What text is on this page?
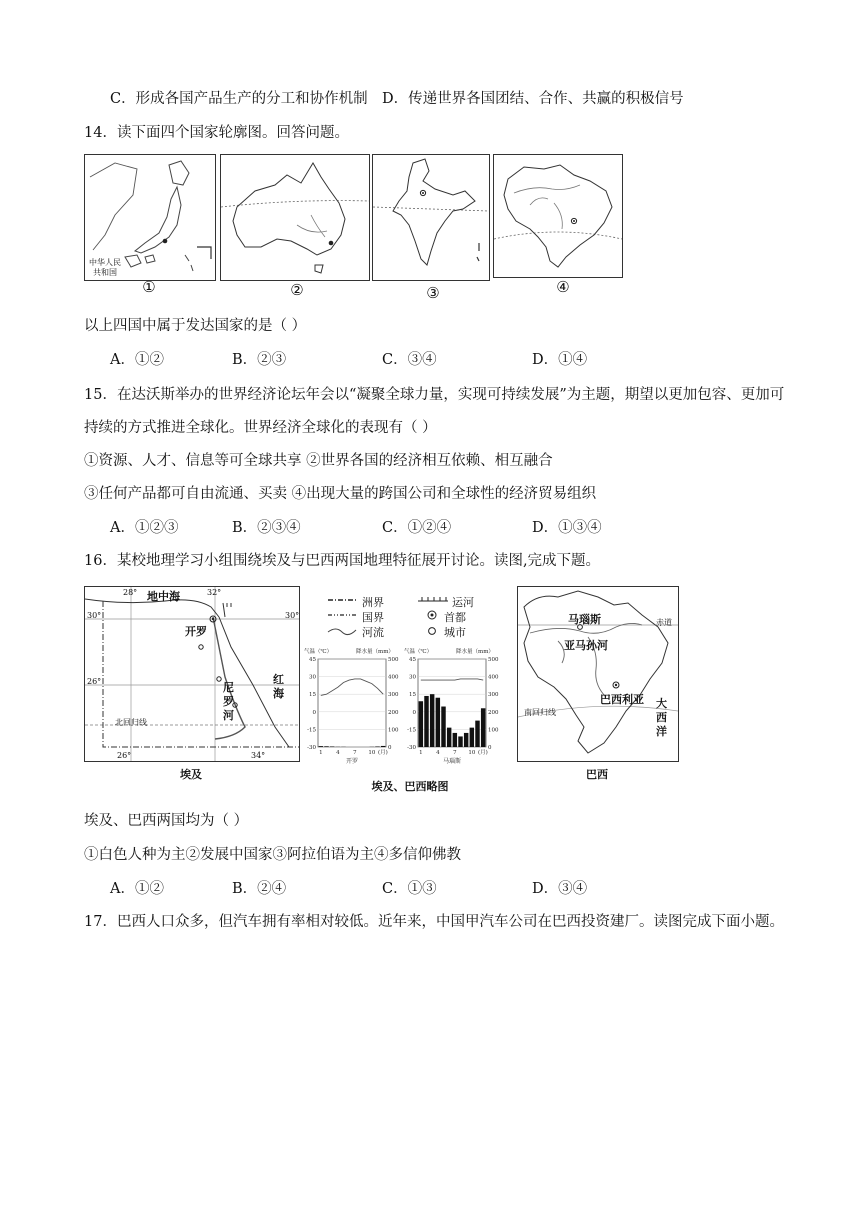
C．形成各国产品生产的分工和协作机制 D．传递世界各国团结、合作、共赢的积极信号
14．读下面四个国家轮廓图。回答问题。
中华人民
共和国
①	②	③	④
以上四国中属于发达国家的是（ ）
A．①②	B．②③	C．③④	D．①④
15．在达沃斯举办的世界经济论坛年会以“凝聚全球力量，实现可持续发展”为主题，期望以更加包容、更加可
持续的方式推进全球化。世界经济全球化的表现有（ ）
①资源、人才、信息等可全球共享 ②世界各国的经济相互依赖、相互融合
③任何产品都可自由流通、买卖 ④出现大量的跨国公司和全球性的经济贸易组织
A．①②③	B．②③④	C．①②④	D．①③④
16．某校地理学习小组围绕埃及与巴西两国地理特征展开讨论。读图,完成下题。
地中海
开罗
红
海
尼
罗
河
北回归线
30°
26°
30°
28°	32°
26°	34°
埃及
洲界
国界
河流
运河
首都
城市
气温（℃）	降水量（mm）
45
30
15
0
-15
-30
500
400
300
200
100
0
1 4 7 10 (月)
开罗
气温（℃）	降水量（mm）
45
30
15
0
-15
-30
500
400
300
200
100
0
1 4 7 10 (月)
马瑙斯
埃及、巴西略图
马瑙斯
亚马孙河
巴西利亚 大
西
洋
赤道
南回归线
巴西
埃及、巴西两国均为（ ）
①白色人种为主②发展中国家③阿拉伯语为主④多信仰佛教
A．①②	B．②④	C．①③	D．③④
17．巴西人口众多，但汽车拥有率相对较低。近年来，中国甲汽车公司在巴西投资建厂。读图完成下面小题。
